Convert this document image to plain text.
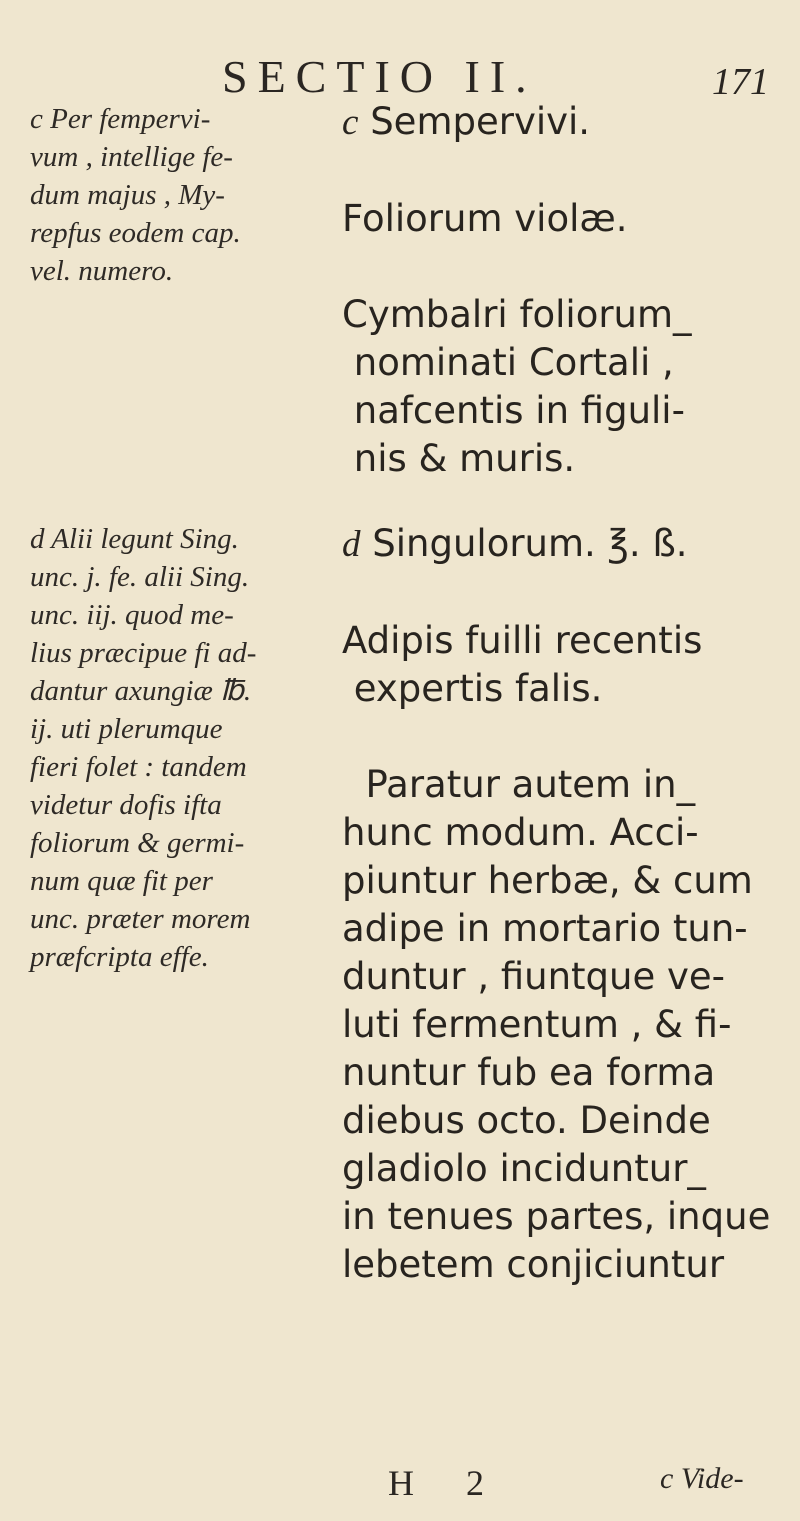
SECTIO II.	171
c Per fempervi-
vum , intellige fe-
dum majus , My-
repfus eodem cap.
vel. numero.
d Alii legunt Sing.
unc. j. fe. alii Sing.
unc. iij. quod me-
lius præcipue fi ad-
dantur axungiæ ℔.
ij. uti plerumque
fieri folet : tandem
videtur dofis ifta
foliorum & germi-
num quæ fit per
unc. præter morem
præfcripta effe.
c Sempervivi.

Foliorum violæ.

Cymbalri foliorum_
nominati Cortali ,
nafcentis in figuli-
nis & muris.
d Singulorum. ℥. ß.

Adipis fuilli recentis
expertis falis.

Paratur autem in_
hunc modum. Acci-
piuntur herbæ, & cum
adipe in mortario tun-
duntur , fiuntque ve-
luti fermentum , & fi-
nuntur fub ea forma
diebus octo. Deinde
gladiolo inciduntur_
in tenues partes, inque
lebetem conjiciuntur
H 2	c Vide-
